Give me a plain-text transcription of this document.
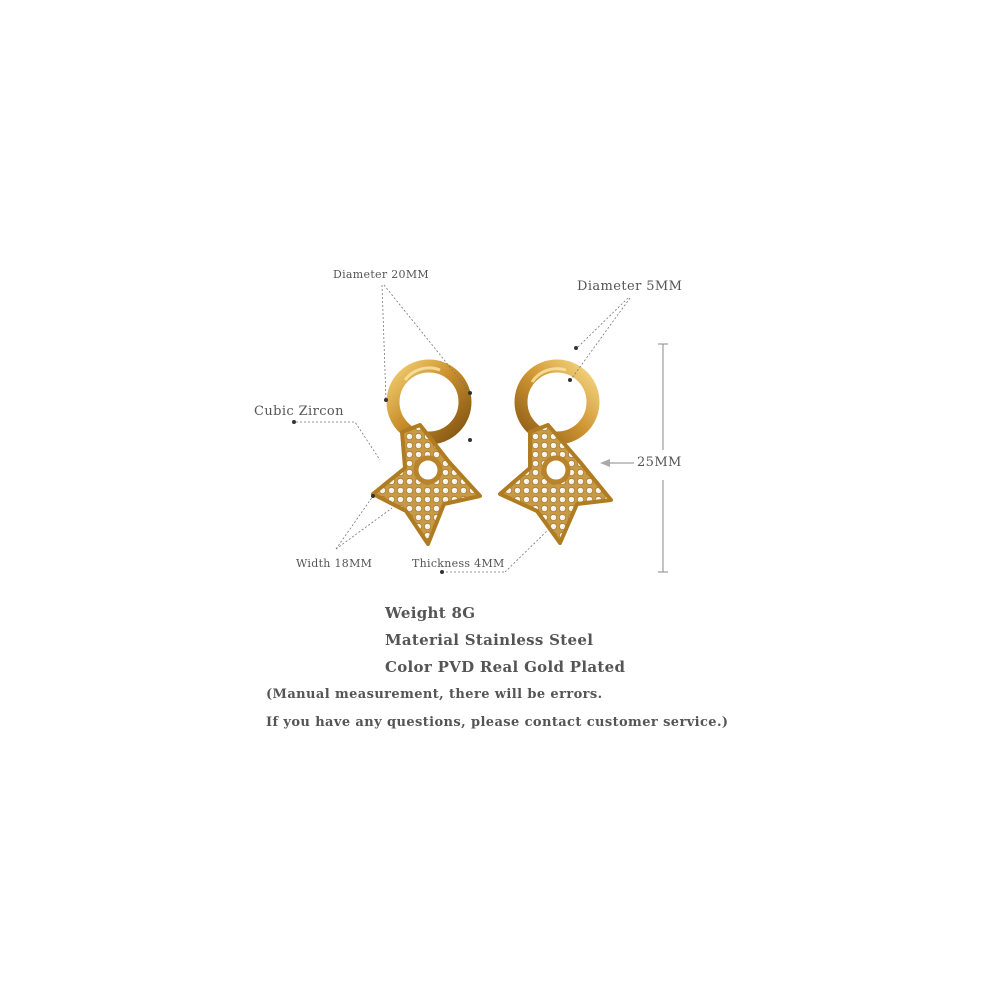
Diameter 20MM
Diameter 5MM
Cubic Zircon
25MM
Width 18MM	Thickness 4MM
Weight 8G
Material Stainless Steel
Color PVD Real Gold Plated
(Manual measurement, there will be errors.
If you have any questions, please contact customer service.)
